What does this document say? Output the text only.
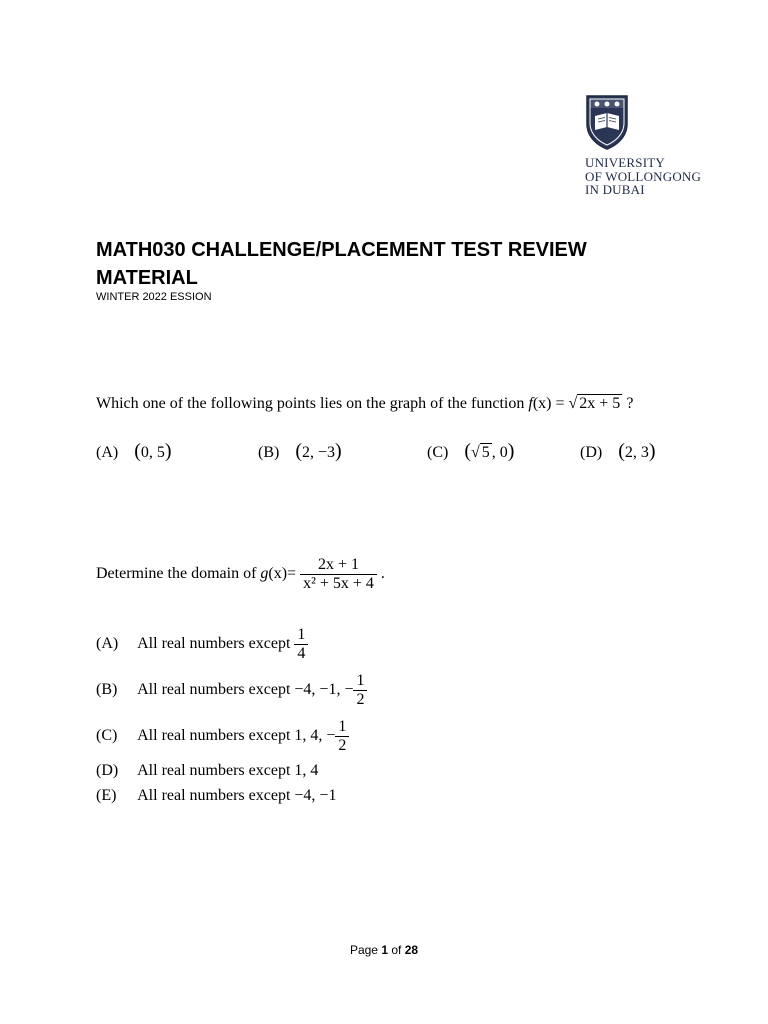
UNIVERSITY
OF WOLLONGONG
IN DUBAI
MATH030 CHALLENGE/PLACEMENT TEST REVIEW MATERIAL
WINTER 2022 ESSION
Which one of the following points lies on the graph of the function f(x) = √ 2x + 5 ?
(A) (0, 5)	(B) (2, −3)	(C) (√ 5 , 0)	(D) (2, 3)
Determine the domain of $g(x)= \frac{2x + 1}{\text{x² + 5x + 4}}$ .
(A) All real numbers except $\frac{1}{4}$
(B) All real numbers except −4, −1, − $\frac{1}{2}$
(C) All real numbers except 1, 4, − $\frac{1}{2}$
(D) All real numbers except 1, 4
(E) All real numbers except −4, −1
Page 1 of 28
